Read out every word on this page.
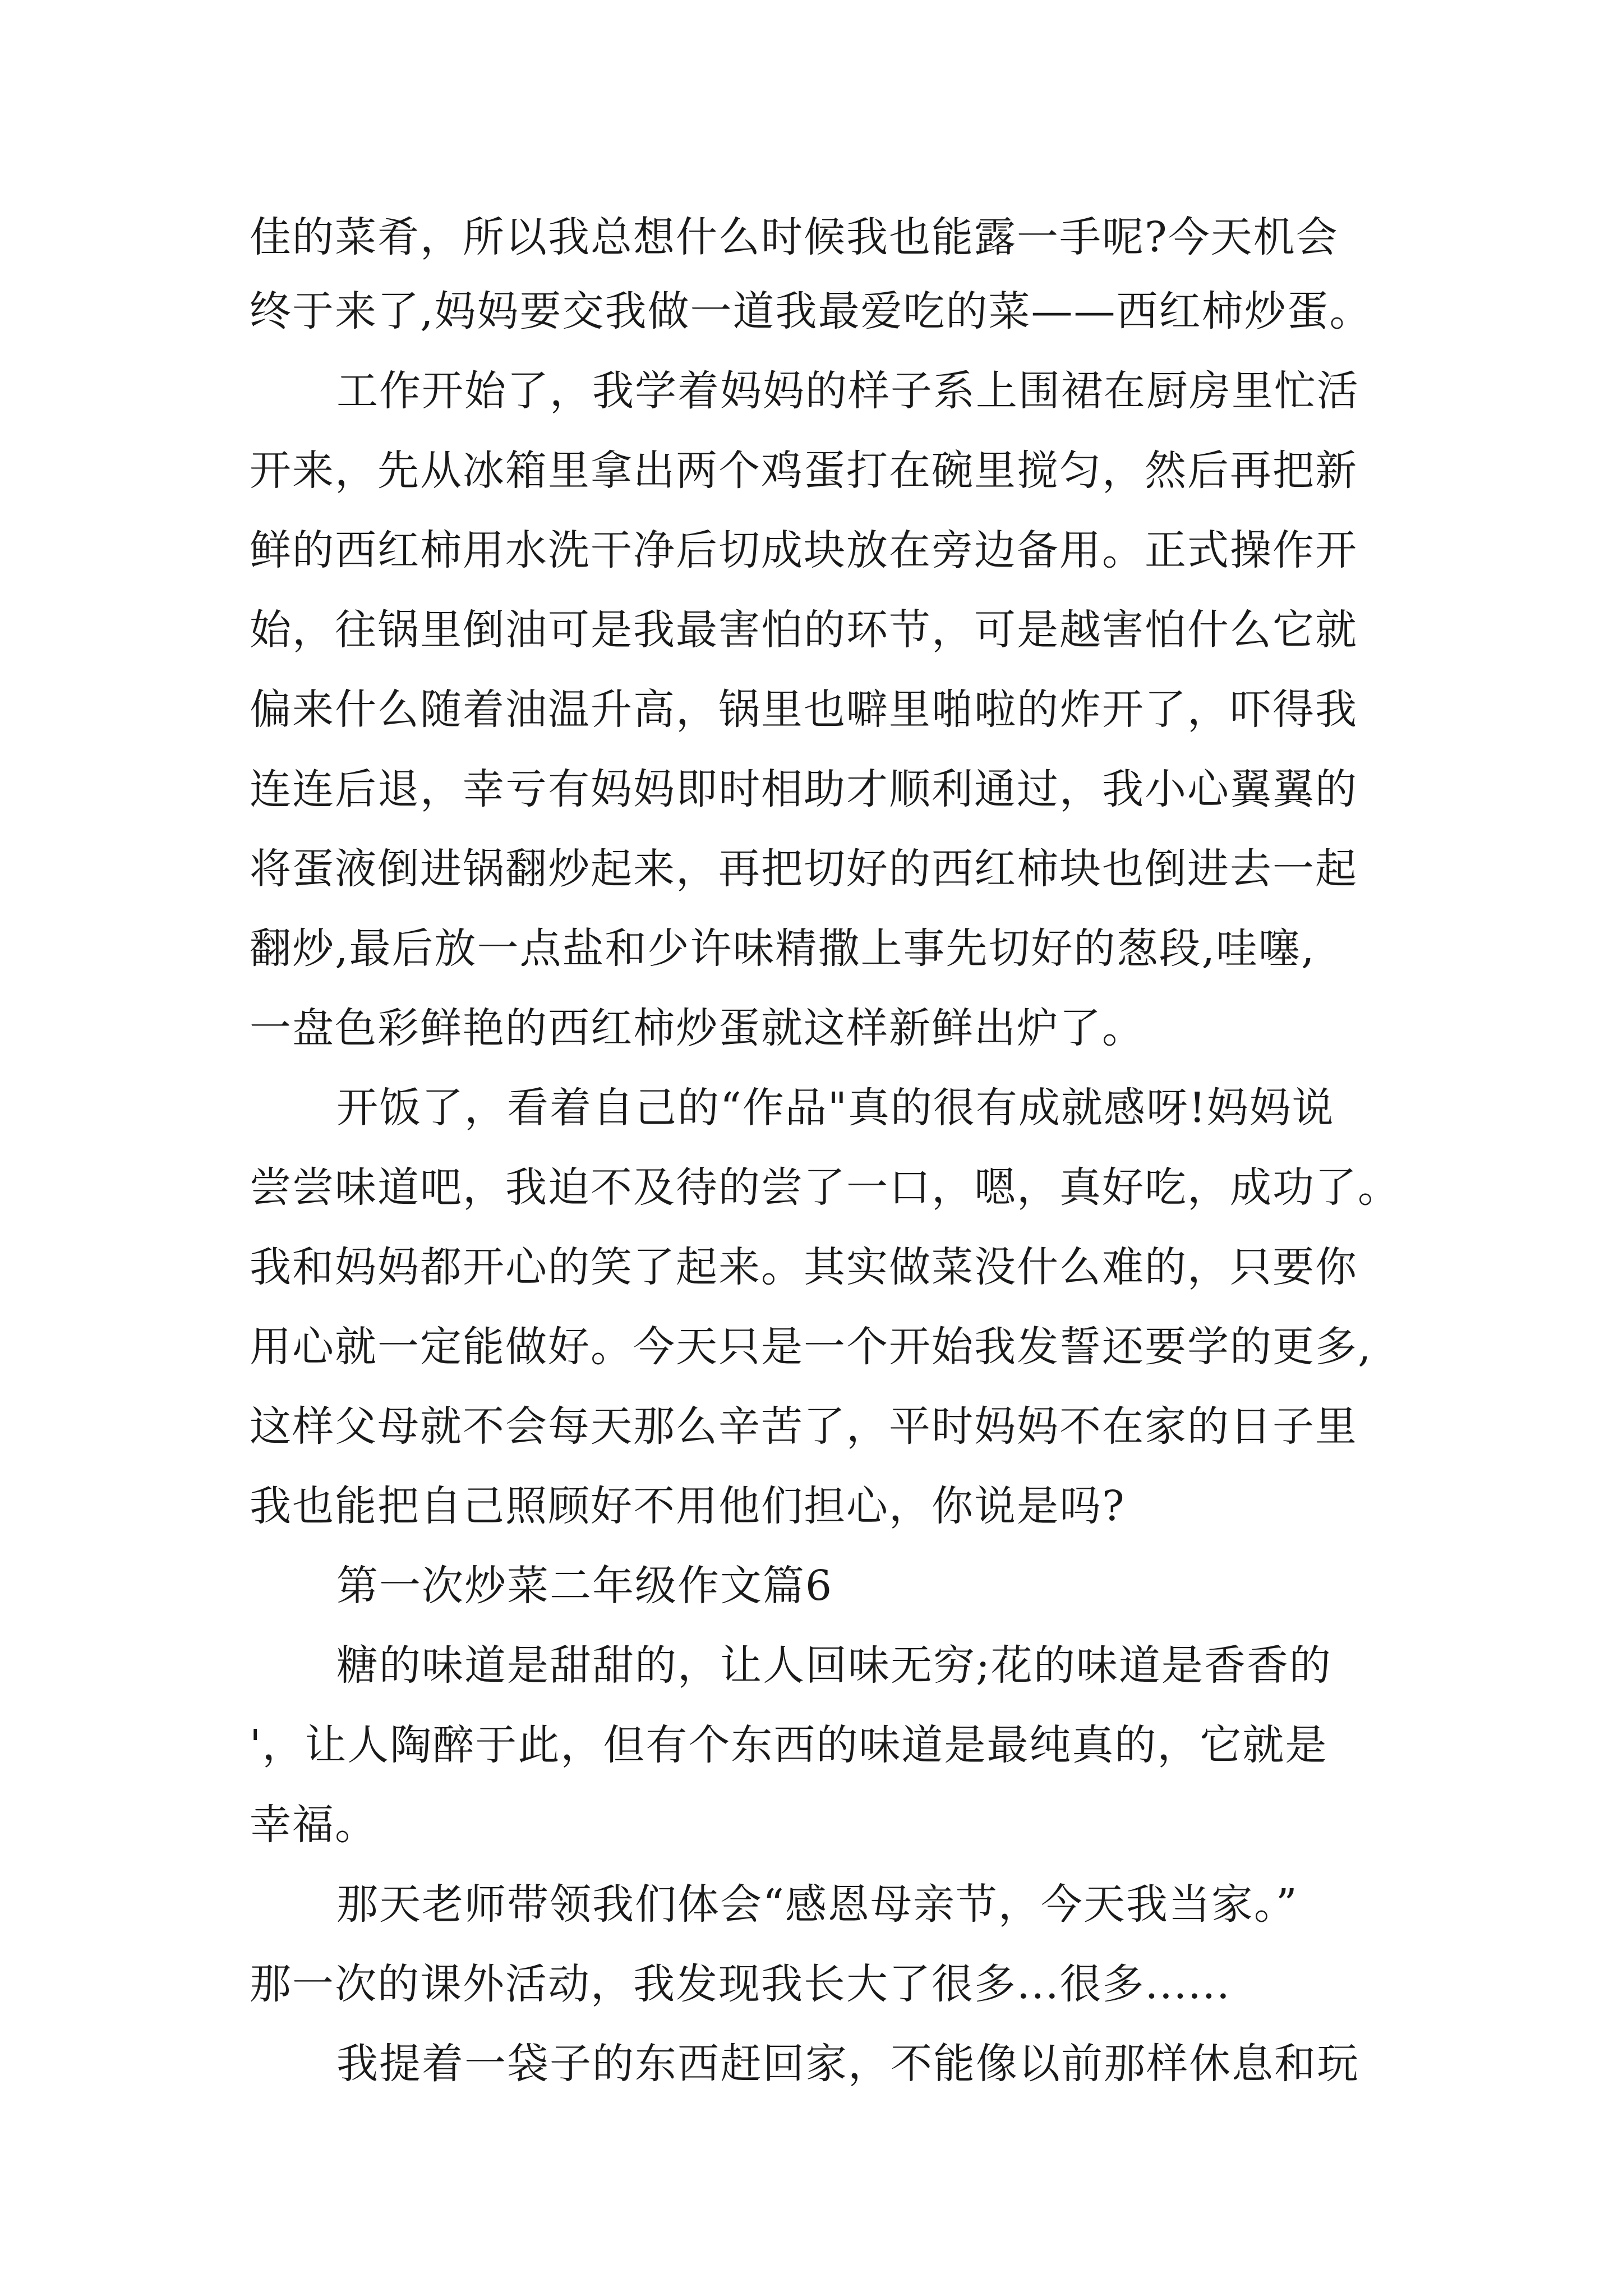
佳的菜肴，所以我总想什么时候我也能露一手呢?今天机会
终于来了,妈妈要交我做一道我最爱吃的菜——西红柿炒蛋。
工作开始了，我学着妈妈的样子系上围裙在厨房里忙活
开来，先从冰箱里拿出两个鸡蛋打在碗里搅匀，然后再把新
鲜的西红柿用水洗干净后切成块放在旁边备用。正式操作开
始，往锅里倒油可是我最害怕的环节，可是越害怕什么它就
偏来什么随着油温升高，锅里也噼里啪啦的炸开了，吓得我
连连后退，幸亏有妈妈即时相助才顺利通过，我小心翼翼的
将蛋液倒进锅翻炒起来，再把切好的西红柿块也倒进去一起
翻炒,最后放一点盐和少许味精撒上事先切好的葱段,哇噻,
一盘色彩鲜艳的西红柿炒蛋就这样新鲜出炉了。
开饭了，看着自己的“作品"真的很有成就感呀!妈妈说
尝尝味道吧，我迫不及待的尝了一口，嗯，真好吃，成功了。
我和妈妈都开心的笑了起来。其实做菜没什么难的，只要你
用心就一定能做好。今天只是一个开始我发誓还要学的更多,
这样父母就不会每天那么辛苦了，平时妈妈不在家的日子里
我也能把自己照顾好不用他们担心，你说是吗?
第一次炒菜二年级作文篇6
糖的味道是甜甜的，让人回味无穷;花的味道是香香的
'，让人陶醉于此，但有个东西的味道是最纯真的，它就是
幸福。
那天老师带领我们体会“感恩母亲节，今天我当家。”
那一次的课外活动，我发现我长大了很多...很多......
我提着一袋子的东西赶回家，不能像以前那样休息和玩
